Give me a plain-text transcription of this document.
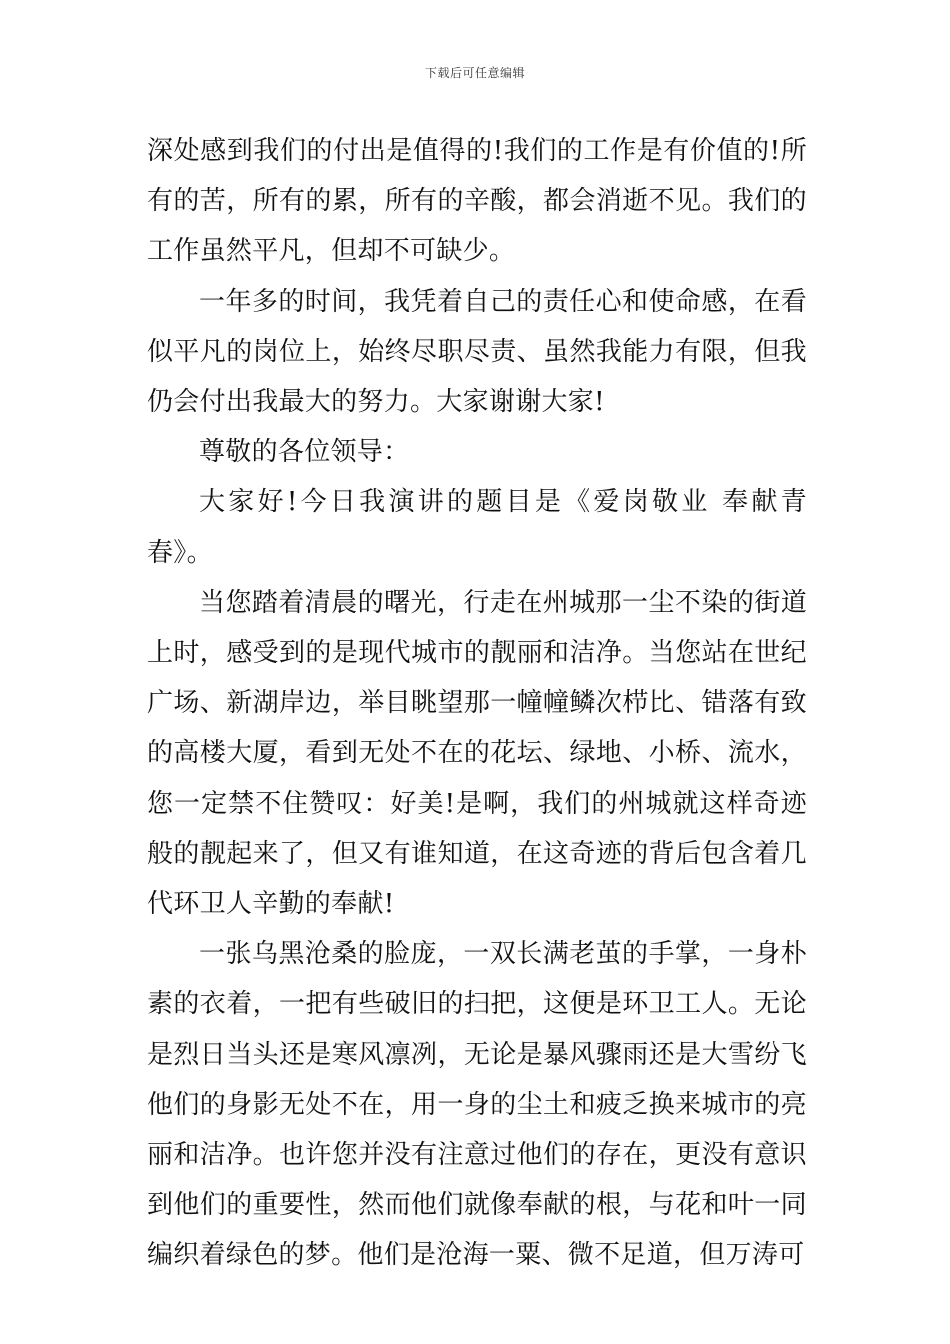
下载后可任意编辑

深处感到我们的付出是值得的!我们的工作是有价值的!所有的苦，所有的累，所有的辛酸，都会消逝不见。我们的工作虽然平凡，但却不可缺少。

一年多的时间，我凭着自己的责任心和使命感，在看似平凡的岗位上，始终尽职尽责、虽然我能力有限，但我仍会付出我最大的努力。大家谢谢大家!

尊敬的各位领导：

大家好!今日我演讲的题目是《爱岗敬业 奉献青春》。

当您踏着清晨的曙光，行走在州城那一尘不染的街道上时，感受到的是现代城市的靓丽和洁净。当您站在世纪广场、新湖岸边，举目眺望那一幢幢鳞次栉比、错落有致的高楼大厦，看到无处不在的花坛、绿地、小桥、流水，您一定禁不住赞叹：好美!是啊，我们的州城就这样奇迹般的靓起来了，但又有谁知道，在这奇迹的背后包含着几代环卫人辛勤的奉献!

一张乌黑沧桑的脸庞，一双长满老茧的手掌，一身朴素的衣着，一把有些破旧的扫把，这便是环卫工人。无论是烈日当头还是寒风凛冽，无论是暴风骤雨还是大雪纷飞他们的身影无处不在，用一身的尘土和疲乏换来城市的亮丽和洁净。也许您并没有注意过他们的存在，更没有意识到他们的重要性，然而他们就像奉献的根，与花和叶一同编织着绿色的梦。他们是沧海一粟、微不足道，但万涛可
